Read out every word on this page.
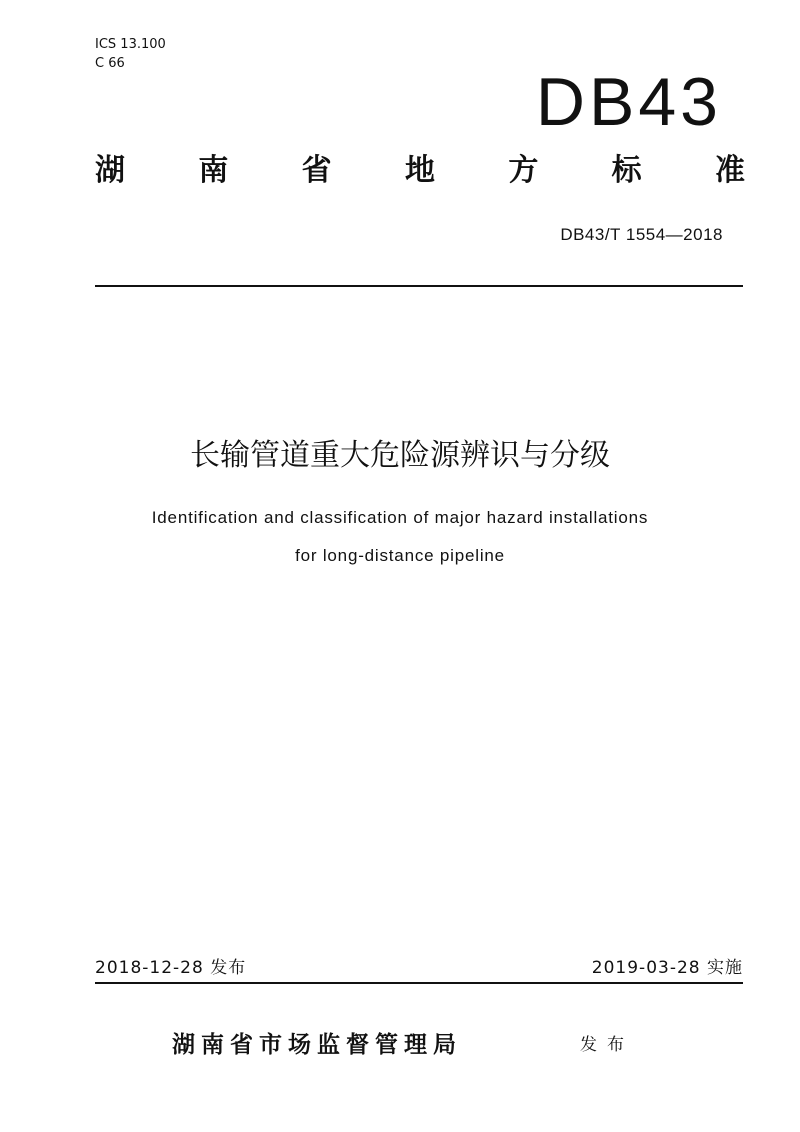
ICS 13.100
C 66
DB43
湖 南 省 地 方 标 准
DB43/T 1554—2018
长输管道重大危险源辨识与分级
Identification and classification of major hazard installations
for long-distance pipeline
2018-12-28 发布	2019-03-28 实施
湖南省市场监督管理局	发布
